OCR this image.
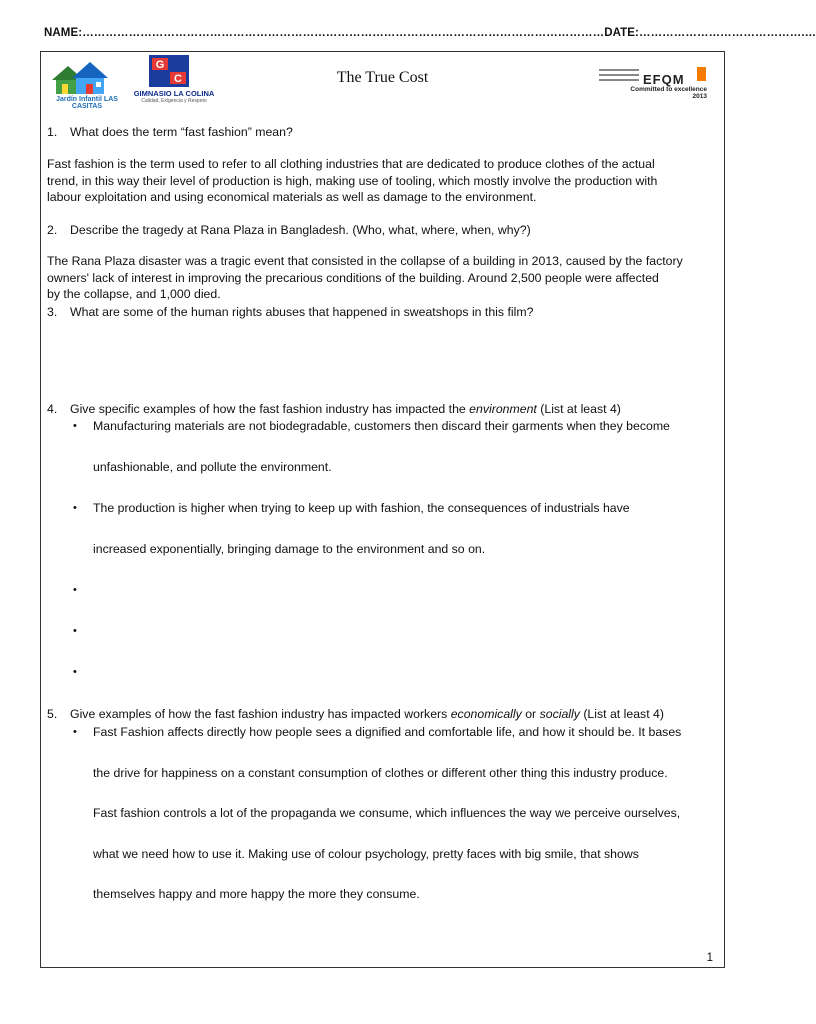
NAME:………………………………………………………………………………………………………………………DATE:…………………………………….…
Jardín Infantil LAS CASITAS
G
C
GIMNASIO LA COLINA
Calidad, Exigencia y Respeto
The True Cost	EFQM
Committed to excellence
2013
1. What does the term “fast fashion” mean?
Fast fashion is the term used to refer to all clothing industries that are dedicated to produce clothes of the actual
trend, in this way their level of production is high, making use of tooling, which mostly involve the production with
labour exploitation and using economical materials as well as damage to the environment.
2. Describe the tragedy at Rana Plaza in Bangladesh. (Who, what, where, when, why?)
The Rana Plaza disaster was a tragic event that consisted in the collapse of a building in 2013, caused by the factory
owners' lack of interest in improving the precarious conditions of the building. Around 2,500 people were affected
by the collapse, and 1,000 died.
3. What are some of the human rights abuses that happened in sweatshops in this film?
4. Give specific examples of how the fast fashion industry has impacted the environment (List at least 4)
• Manufacturing materials are not biodegradable, customers then discard their garments when they become
unfashionable, and pollute the environment.
• The production is higher when trying to keep up with fashion, the consequences of industrials have
increased exponentially, bringing damage to the environment and so on.
•
•
•
5. Give examples of how the fast fashion industry has impacted workers economically or socially (List at least 4)
• Fast Fashion affects directly how people sees a dignified and comfortable life, and how it should be. It bases
the drive for happiness on a constant consumption of clothes or different other thing this industry produce.
Fast fashion controls a lot of the propaganda we consume, which influences the way we perceive ourselves,
what we need how to use it. Making use of colour psychology, pretty faces with big smile, that shows
themselves happy and more happy the more they consume.
1
